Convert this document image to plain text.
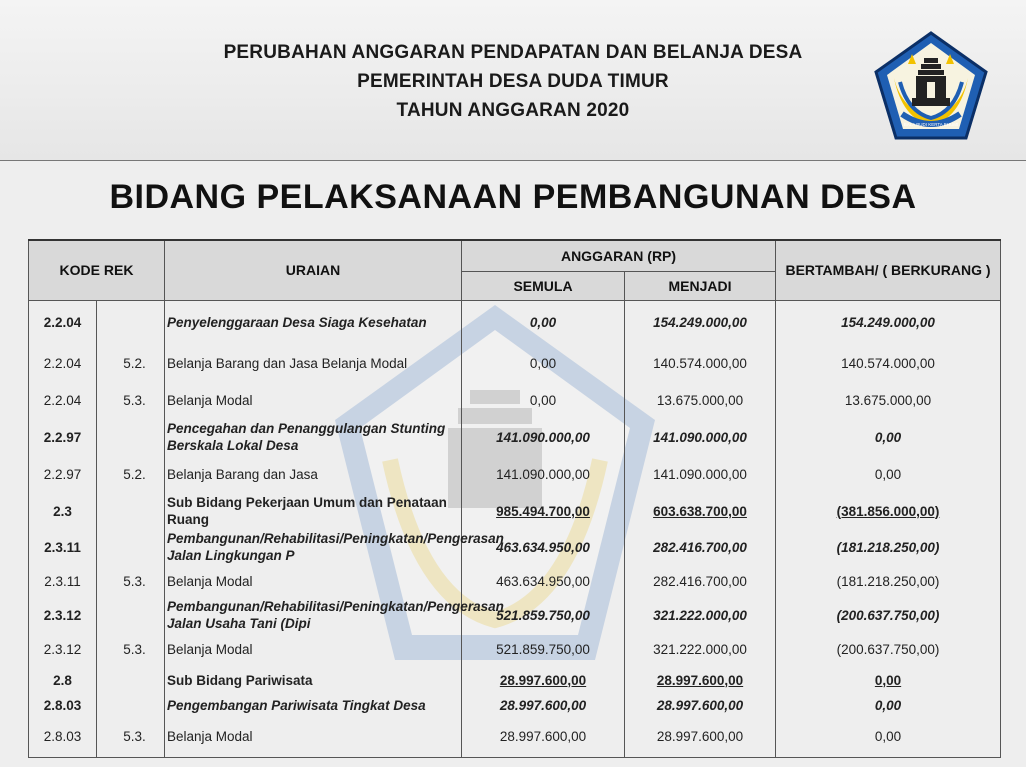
PERUBAHAN ANGGARAN PENDAPATAN DAN BELANJA DESA
PEMERINTAH DESA DUDA TIMUR
TAHUN ANGGARAN 2020
BALA BUDI KERTA BHUMI
BIDANG PELAKSANAAN PEMBANGUNAN DESA
KODE REK		URAIAN	ANGGARAN (RP)		BERTAMBAH/ ( BERKURANG )
			SEMULA	MENJADI	
2.2.04		Penyelenggaraan Desa Siaga Kesehatan	0,00	154.249.000,00	154.249.000,00
2.2.04	5.2.	Belanja Barang dan Jasa Belanja Modal	0,00	140.574.000,00	140.574.000,00
2.2.04	5.3.	Belanja Modal	0,00	13.675.000,00	13.675.000,00
2.2.97		Pencegahan dan Penanggulangan Stunting Berskala Lokal Desa	141.090.000,00	141.090.000,00	0,00
2.2.97	5.2.	Belanja Barang dan Jasa	141.090.000,00	141.090.000,00	0,00
2.3		Sub Bidang Pekerjaan Umum dan Penataan Ruang	985.494.700,00	603.638.700,00	(381.856.000,00)
2.3.11		Pembangunan/Rehabilitasi/Peningkatan/Pengerasan Jalan Lingkungan P	463.634.950,00	282.416.700,00	(181.218.250,00)
2.3.11	5.3.	Belanja Modal	463.634.950,00	282.416.700,00	(181.218.250,00)
2.3.12		Pembangunan/Rehabilitasi/Peningkatan/Pengerasan Jalan Usaha Tani (Dipi	521.859.750,00	321.222.000,00	(200.637.750,00)
2.3.12	5.3.	Belanja Modal	521.859.750,00	321.222.000,00	(200.637.750,00)
2.8		Sub Bidang Pariwisata	28.997.600,00	28.997.600,00	0,00
2.8.03		Pengembangan Pariwisata Tingkat Desa	28.997.600,00	28.997.600,00	0,00
2.8.03	5.3.	Belanja Modal	28.997.600,00	28.997.600,00	0,00
